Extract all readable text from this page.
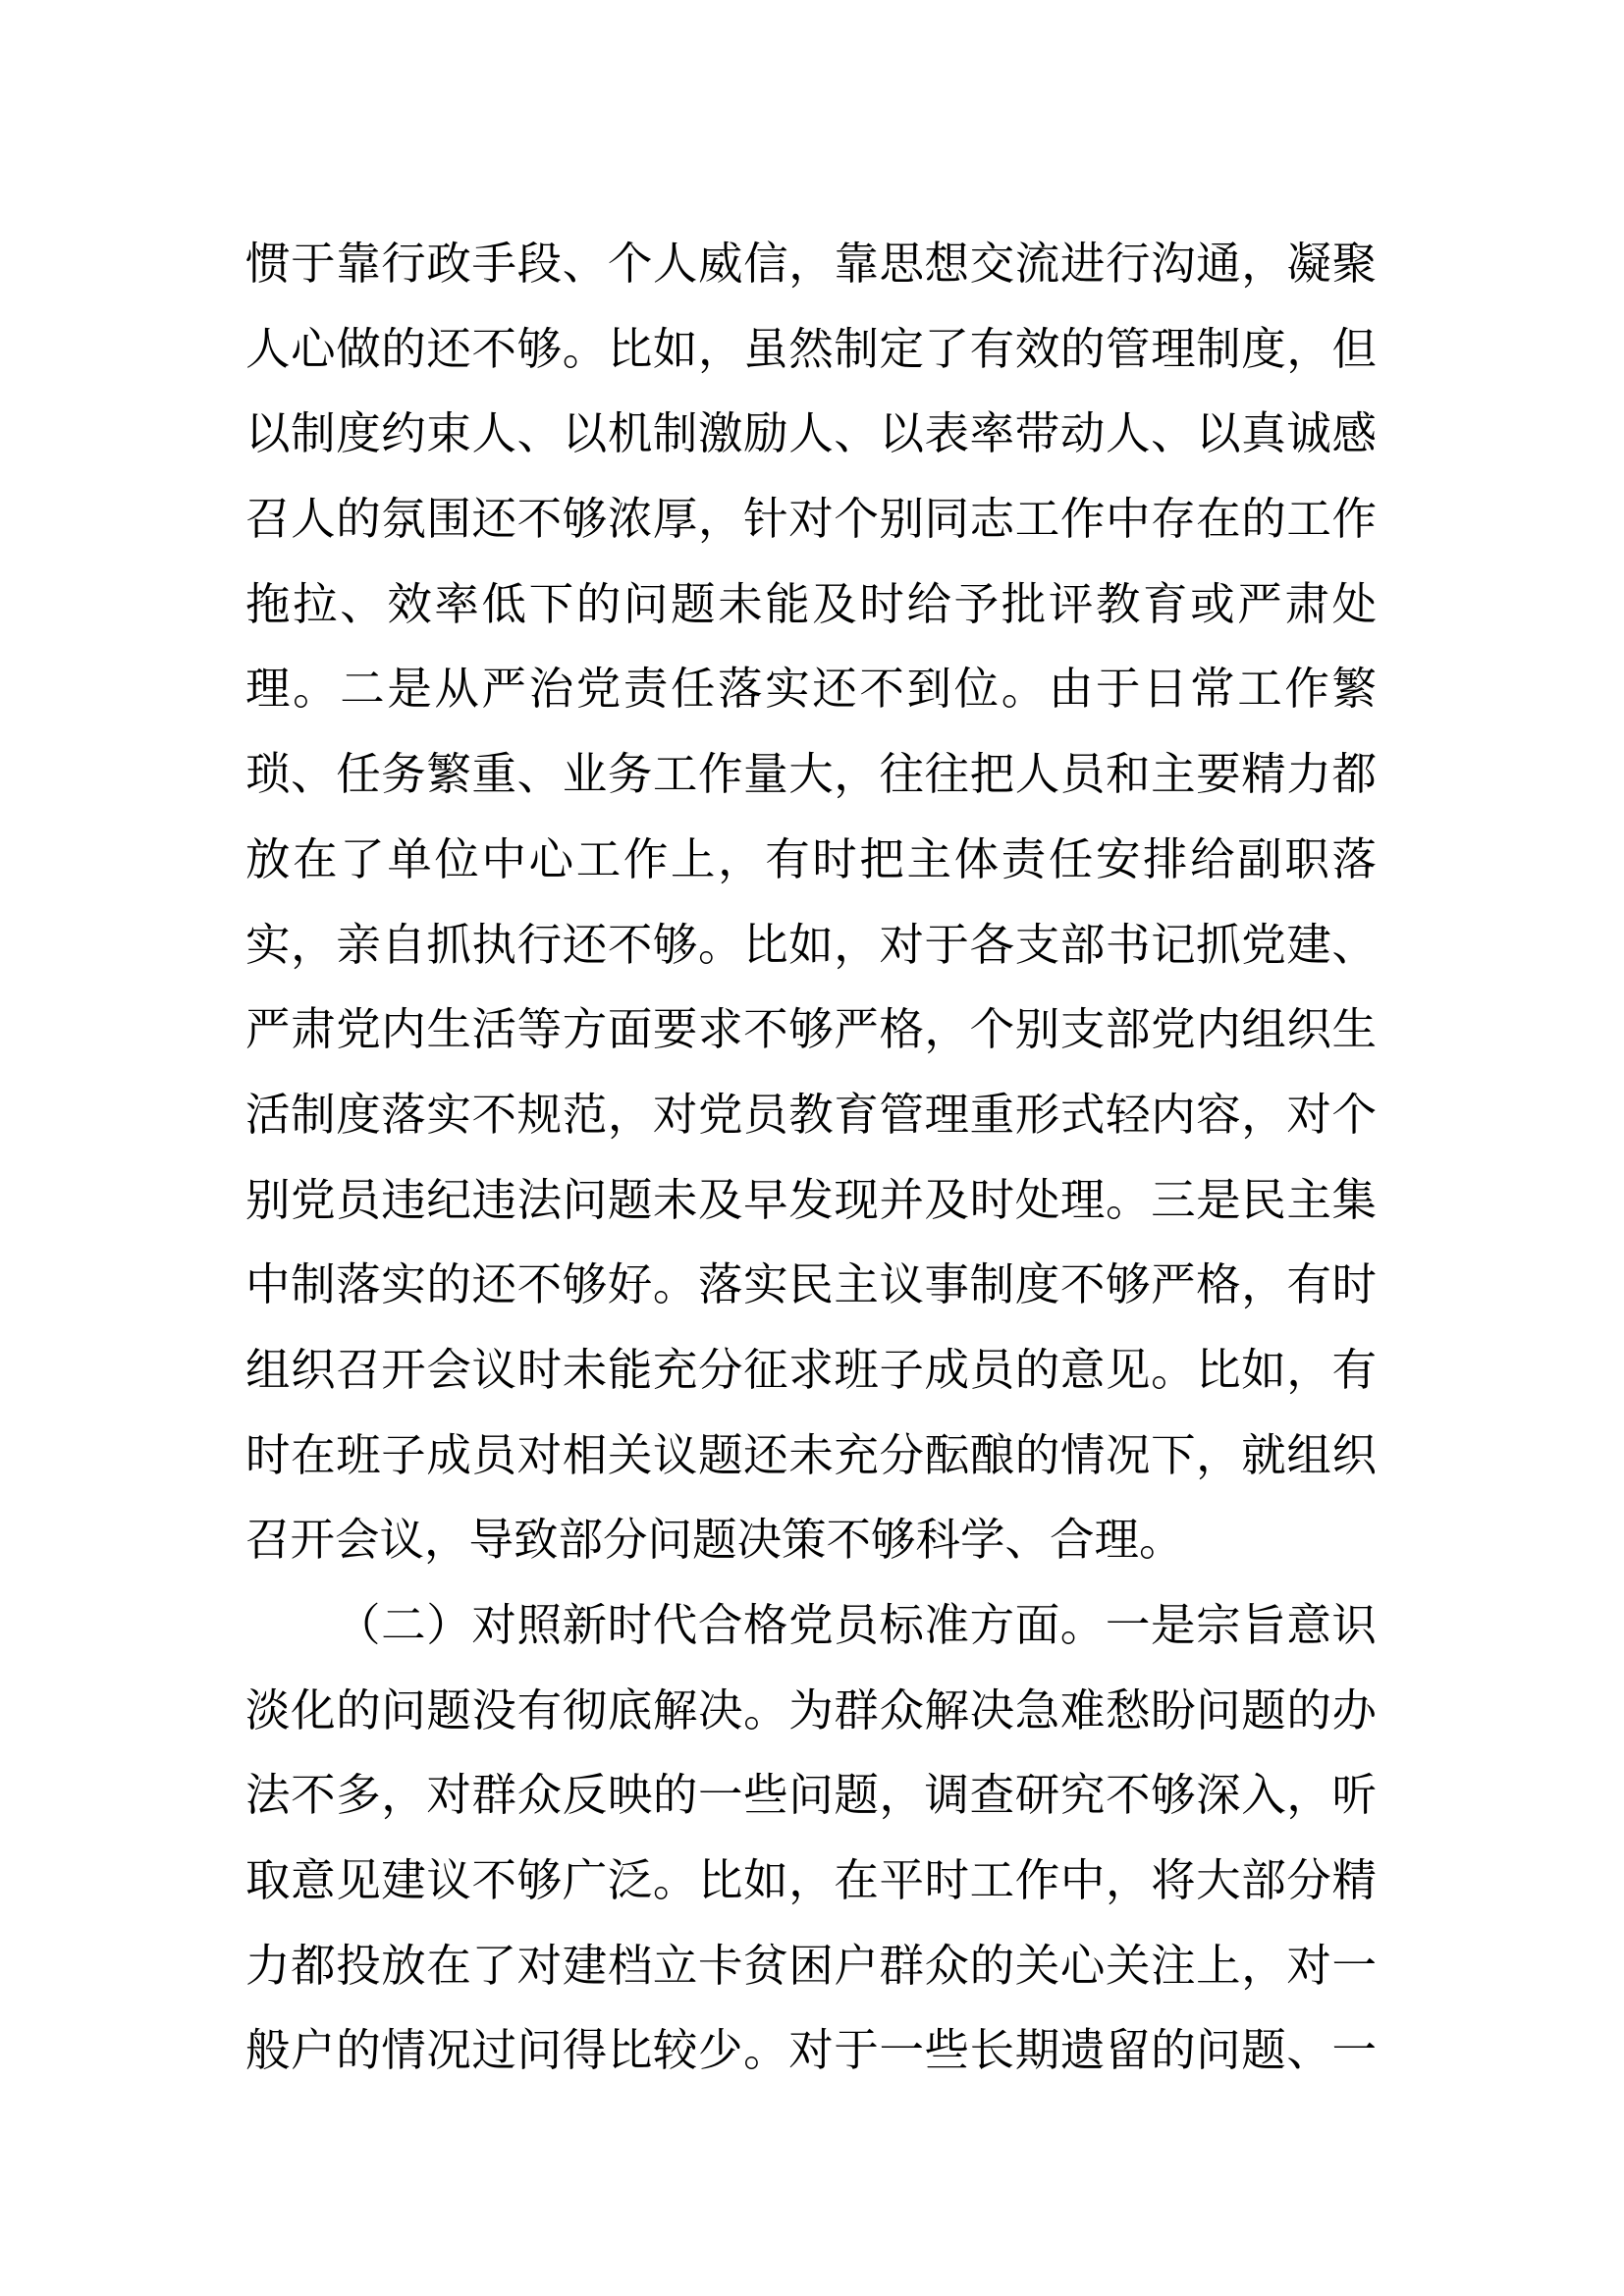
惯于靠行政手段、个人威信，靠思想交流进行沟通，凝聚
人心做的还不够。比如，虽然制定了有效的管理制度，但
以制度约束人、以机制激励人、以表率带动人、以真诚感
召人的氛围还不够浓厚，针对个别同志工作中存在的工作
拖拉、效率低下的问题未能及时给予批评教育或严肃处
理。二是从严治党责任落实还不到位。由于日常工作繁
琐、任务繁重、业务工作量大，往往把人员和主要精力都
放在了单位中心工作上，有时把主体责任安排给副职落
实，亲自抓执行还不够。比如，对于各支部书记抓党建、
严肃党内生活等方面要求不够严格，个别支部党内组织生
活制度落实不规范，对党员教育管理重形式轻内容，对个
别党员违纪违法问题未及早发现并及时处理。三是民主集
中制落实的还不够好。落实民主议事制度不够严格，有时
组织召开会议时未能充分征求班子成员的意见。比如，有
时在班子成员对相关议题还未充分酝酿的情况下，就组织
召开会议，导致部分问题决策不够科学、合理。
（二）对照新时代合格党员标准方面。一是宗旨意识
淡化的问题没有彻底解决。为群众解决急难愁盼问题的办
法不多，对群众反映的一些问题，调查研究不够深入，听
取意见建议不够广泛。比如，在平时工作中，将大部分精
力都投放在了对建档立卡贫困户群众的关心关注上，对一
般户的情况过问得比较少。对于一些长期遗留的问题、一
